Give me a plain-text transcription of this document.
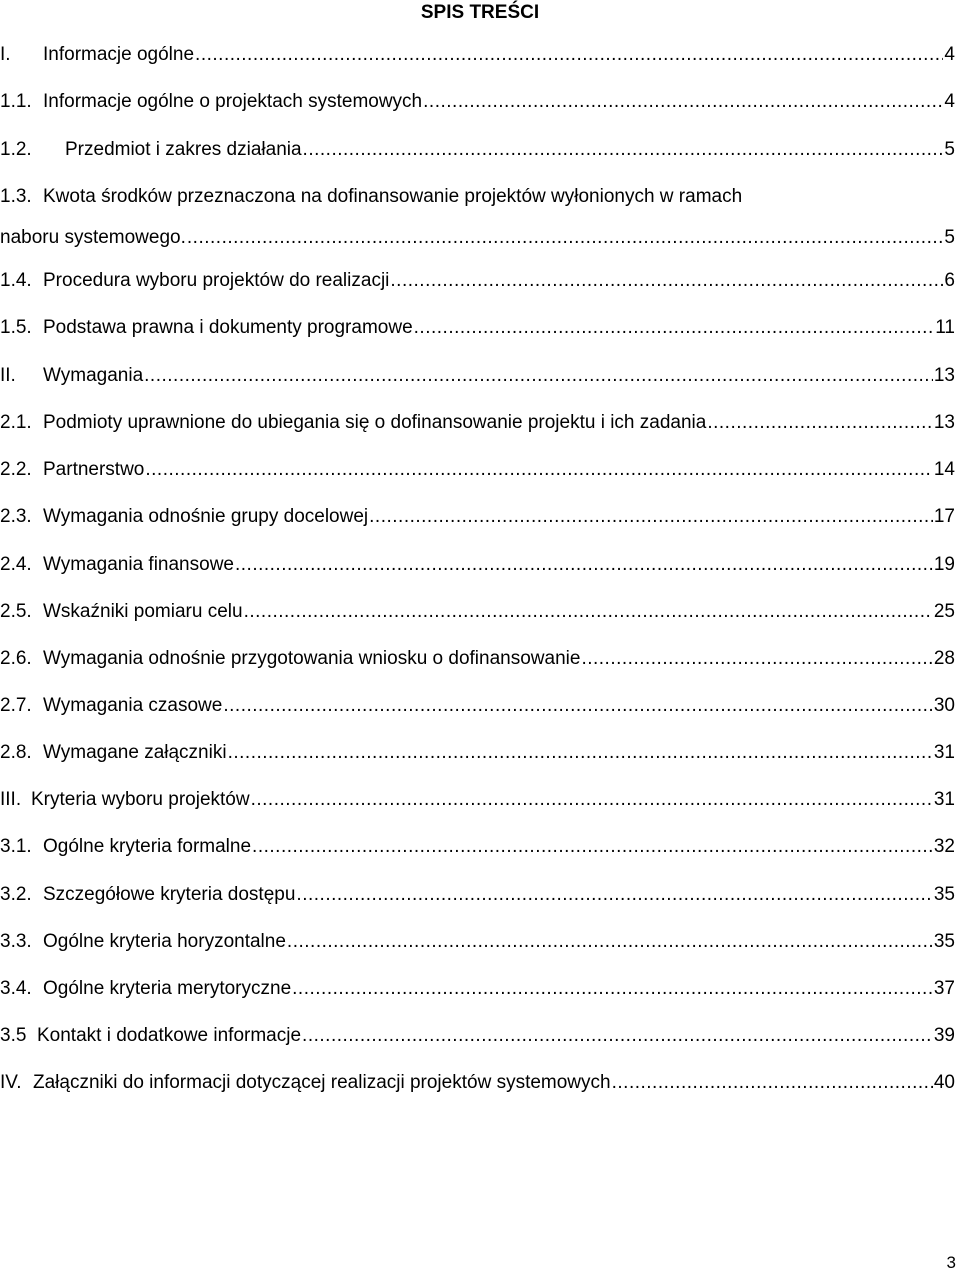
SPIS TREŚCI
I.	Informacje ogólne .....	4
1.1. Informacje ogólne o projektach systemowych .....	4
1.2.	Przedmiot i zakres działania .....	5
1.3. Kwota środków przeznaczona na dofinansowanie projektów wyłonionych w ramach
naboru systemowego. .....	5
1.4. Procedura wyboru projektów do realizacji .....	6
1.5. Podstawa prawna i dokumenty programowe .....	11
II.	Wymagania .....	13
2.1. Podmioty uprawnione do ubiegania się o dofinansowanie projektu i ich zadania .....	13
2.2. Partnerstwo .....	14
2.3. Wymagania odnośnie grupy docelowej .....	17
2.4. Wymagania finansowe .....	19
2.5. Wskaźniki pomiaru celu .....	25
2.6. Wymagania odnośnie przygotowania wniosku o dofinansowanie .....	28
2.7. Wymagania czasowe .....	30
2.8. Wymagane załączniki .....	31
III. Kryteria wyboru projektów .....	31
3.1. Ogólne kryteria formalne .....	32
3.2. Szczegółowe kryteria dostępu .....	35
3.3. Ogólne kryteria horyzontalne .....	35
3.4. Ogólne kryteria merytoryczne .....	37
3.5 Kontakt i dodatkowe informacje .....	39
IV. Załączniki do informacji dotyczącej realizacji projektów systemowych .....	40
3
